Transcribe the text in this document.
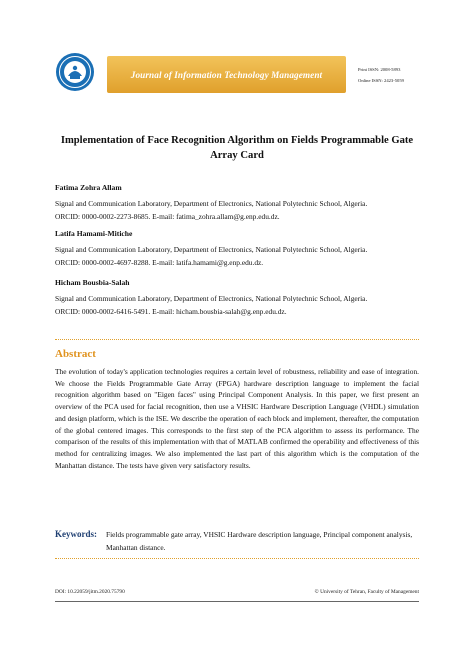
Journal of Information Technology Management	Print ISSN: 2008-5893
Online ISSN: 2423-5059
Implementation of Face Recognition Algorithm on Fields Programmable Gate Array Card
Fatima Zohra Allam
Signal and Communication Laboratory, Department of Electronics, National Polytechnic School, Algeria.
ORCID: 0000-0002-2273-8685. E-mail: fatima_zohra.allam@g.enp.edu.dz.
Latifa Hamami-Mitiche
Signal and Communication Laboratory, Department of Electronics, National Polytechnic School, Algeria.
ORCID: 0000-0002-4697-8288. E-mail: latifa.hamami@g.enp.edu.dz.
Hicham Bousbia-Salah
Signal and Communication Laboratory, Department of Electronics, National Polytechnic School, Algeria.
ORCID: 0000-0002-6416-5491. E-mail: hicham.bousbia-salah@g.enp.edu.dz.
Abstract
The evolution of today's application technologies requires a certain level of robustness, reliability and ease of integration. We choose the Fields Programmable Gate Array (FPGA) hardware description language to implement the facial recognition algorithm based on "Eigen faces" using Principal Component Analysis. In this paper, we first present an overview of the PCA used for facial recognition, then use a VHSIC Hardware Description Language (VHDL) simulation and design platform, which is the ISE. We describe the operation of each block and implement, thereafter, the computation of the global centered images. This corresponds to the first step of the PCA algorithm to assess its performance. The comparison of the results of this implementation with that of MATLAB confirmed the operability and effectiveness of this method for centralizing images. We also implemented the last part of this algorithm which is the computation of the Manhattan distance. The tests have given very satisfactory results.
Keywords: Fields programmable gate array, VHSIC Hardware description language, Principal component analysis, Manhattan distance.
DOI: 10.22059/jitm.2020.75790	© University of Tehran, Faculty of Management
